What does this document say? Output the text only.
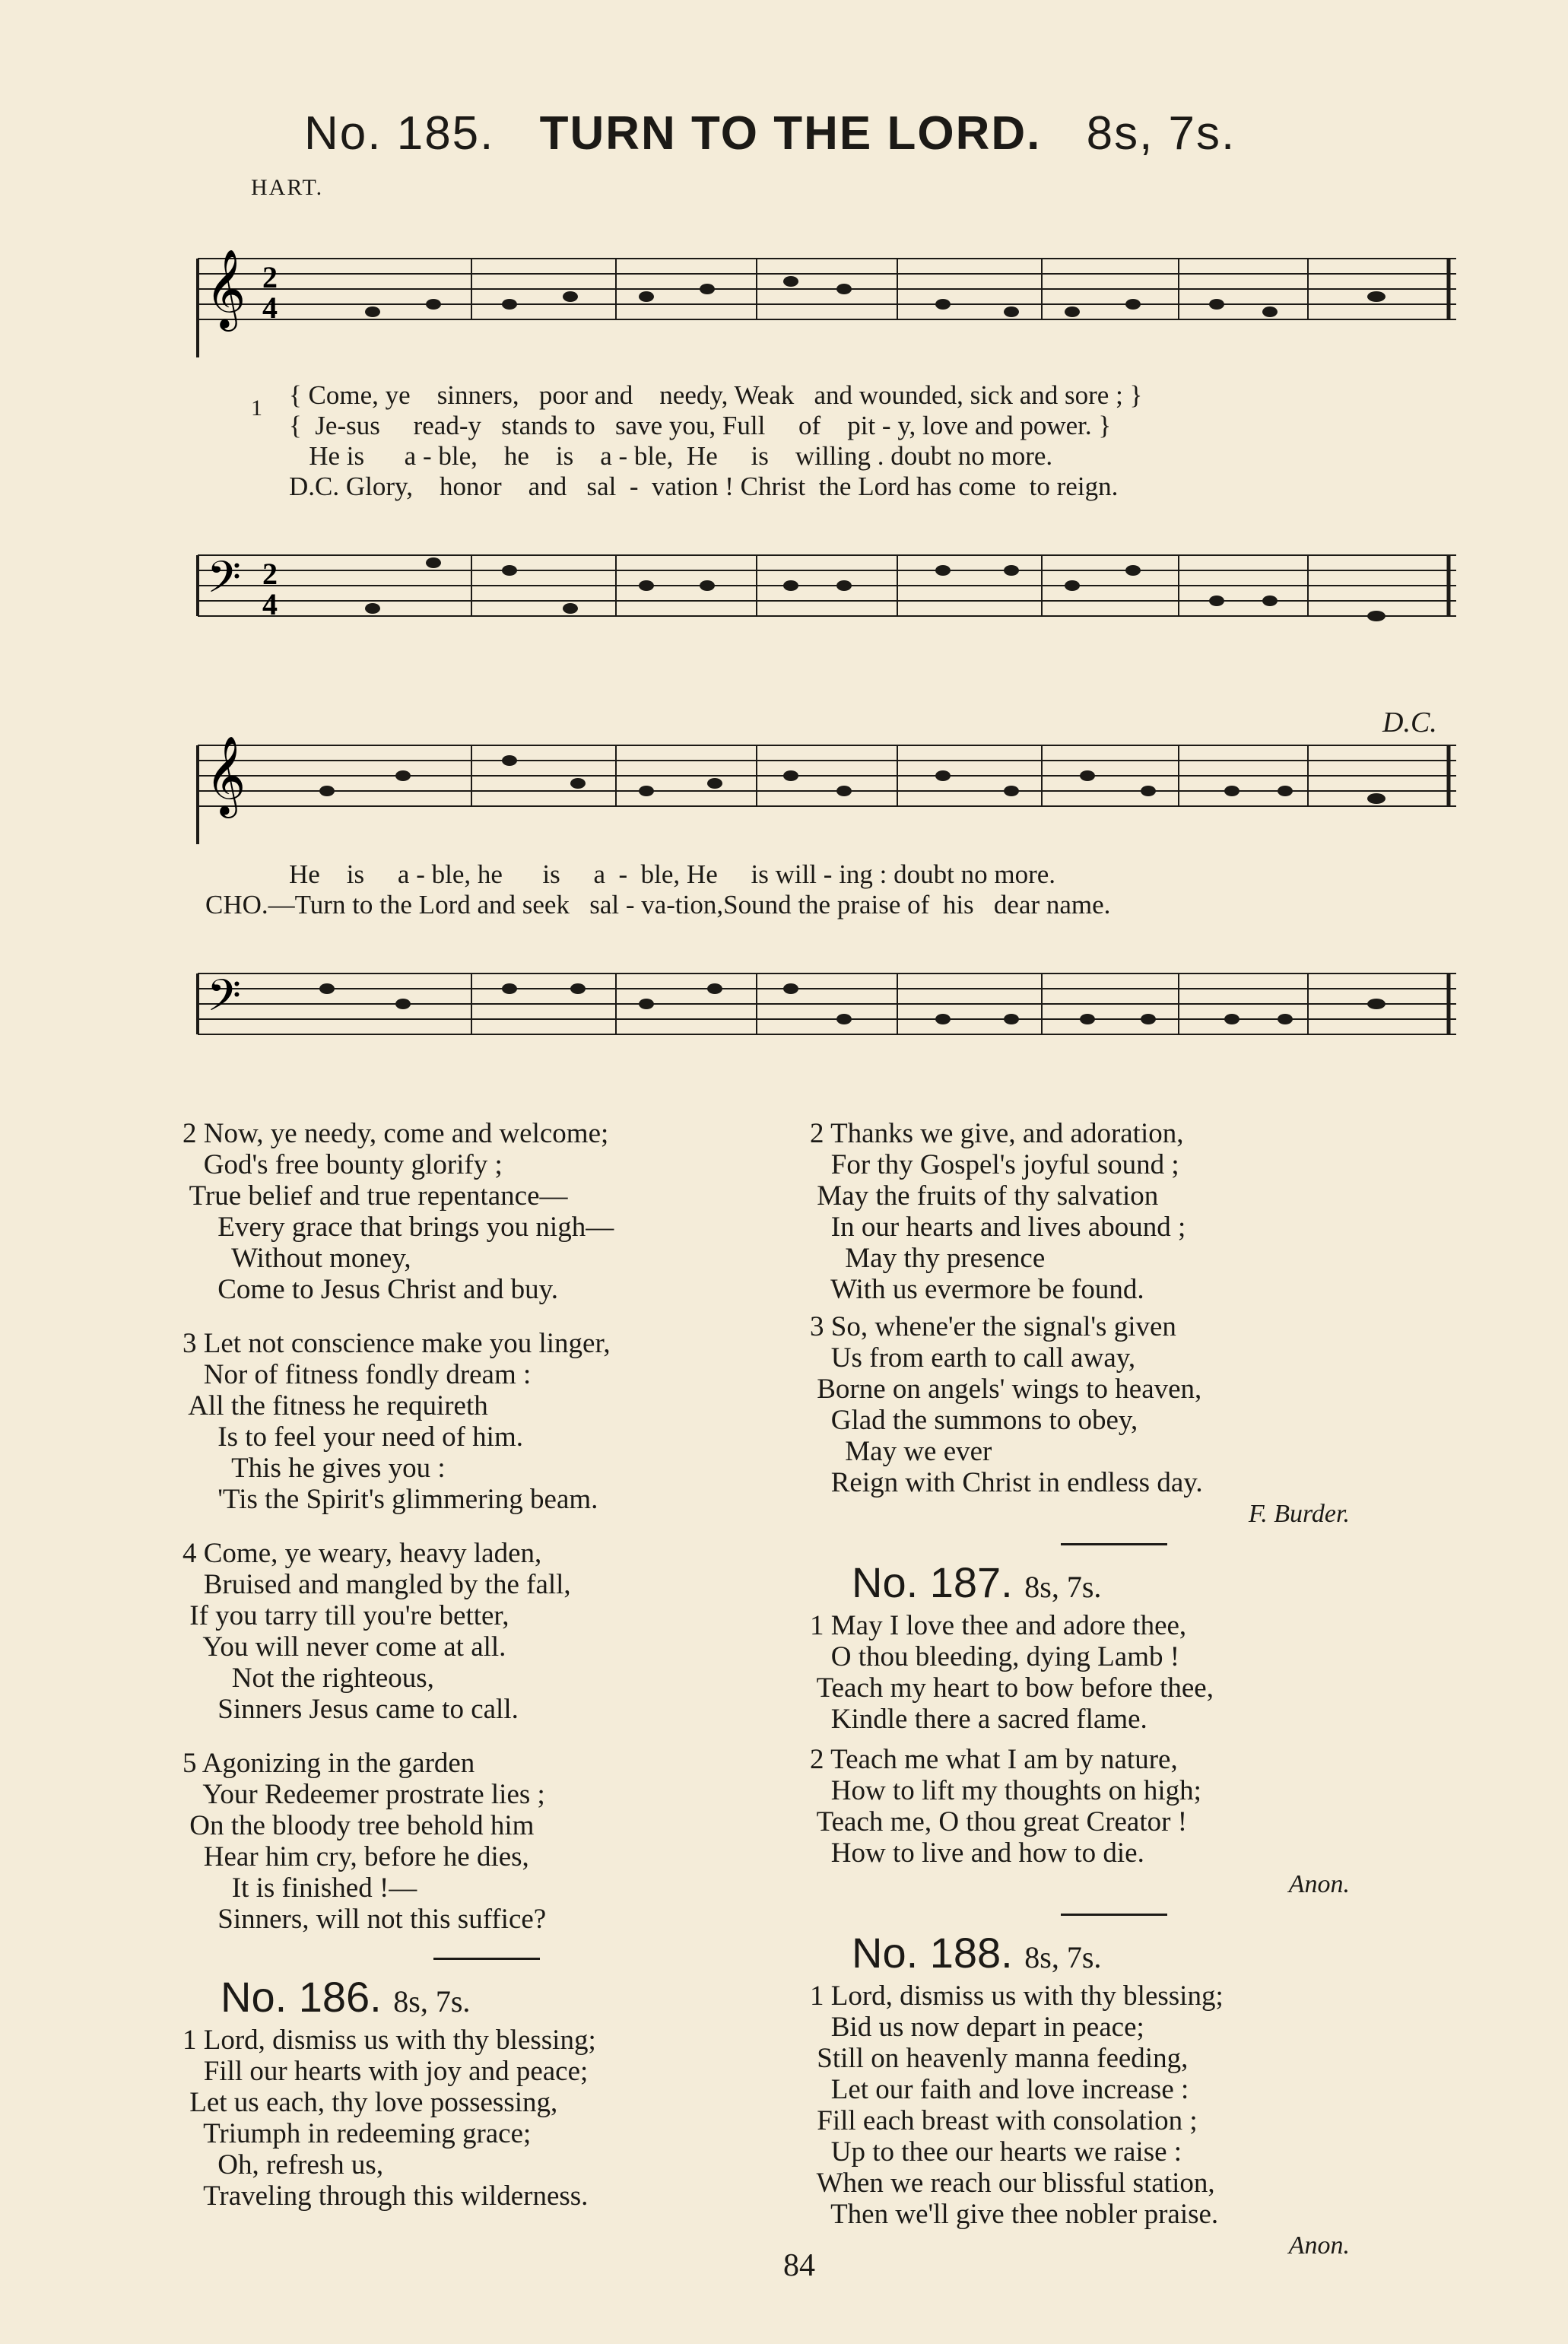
No. 185. TURN TO THE LORD. 8s, 7s.
HART.
𝄞 2
4
1 { Come, ye    sinners,   poor and    needy, Weak   and wounded, sick and sore ; }
{  Je-sus     read-y   stands to   save you, Full     of    pit - y, love and power. }
He is      a - ble,    he    is    a - ble,  He     is    willing . doubt no more.
D.C. Glory,    honor    and   sal  -  vation ! Christ  the Lord has come  to reign.
𝄢 2
4
𝄞
D.C.
He    is     a - ble, he      is     a  -  ble, He     is will - ing : doubt no more.
CHO.—Turn to the Lord and seek   sal - va-tion,Sound the praise of  his   dear name.
𝄢
2 Now, ye needy, come and welcome;
God's free bounty glorify ;
True belief and true repentance—
Every grace that brings you nigh—
Without money,
Come to Jesus Christ and buy.
3 Let not conscience make you linger,
Nor of fitness fondly dream :
All the fitness he requireth
Is to feel your need of him.
This he gives you :
'Tis the Spirit's glimmering beam.
4 Come, ye weary, heavy laden,
Bruised and mangled by the fall,
If you tarry till you're better,
You will never come at all.
Not the righteous,
Sinners Jesus came to call.
5 Agonizing in the garden
Your Redeemer prostrate lies ;
On the bloody tree behold him
Hear him cry, before he dies,
It is finished !—
Sinners, will not this suffice?
No. 186. 8s, 7s.
1 Lord, dismiss us with thy blessing;
Fill our hearts with joy and peace;
Let us each, thy love possessing,
Triumph in redeeming grace;
Oh, refresh us,
Traveling through this wilderness.
2 Thanks we give, and adoration,
For thy Gospel's joyful sound ;
May the fruits of thy salvation
In our hearts and lives abound ;
May thy presence
With us evermore be found.
3 So, whene'er the signal's given
Us from earth to call away,
Borne on angels' wings to heaven,
Glad the summons to obey,
May we ever
Reign with Christ in endless day.
F. Burder.
No. 187. 8s, 7s.
1 May I love thee and adore thee,
O thou bleeding, dying Lamb !
Teach my heart to bow before thee,
Kindle there a sacred flame.
2 Teach me what I am by nature,
How to lift my thoughts on high;
Teach me, O thou great Creator !
How to live and how to die.
Anon.
No. 188. 8s, 7s.
1 Lord, dismiss us with thy blessing;
Bid us now depart in peace;
Still on heavenly manna feeding,
Let our faith and love increase :
Fill each breast with consolation ;
Up to thee our hearts we raise :
When we reach our blissful station,
Then we'll give thee nobler praise.
Anon.
84
